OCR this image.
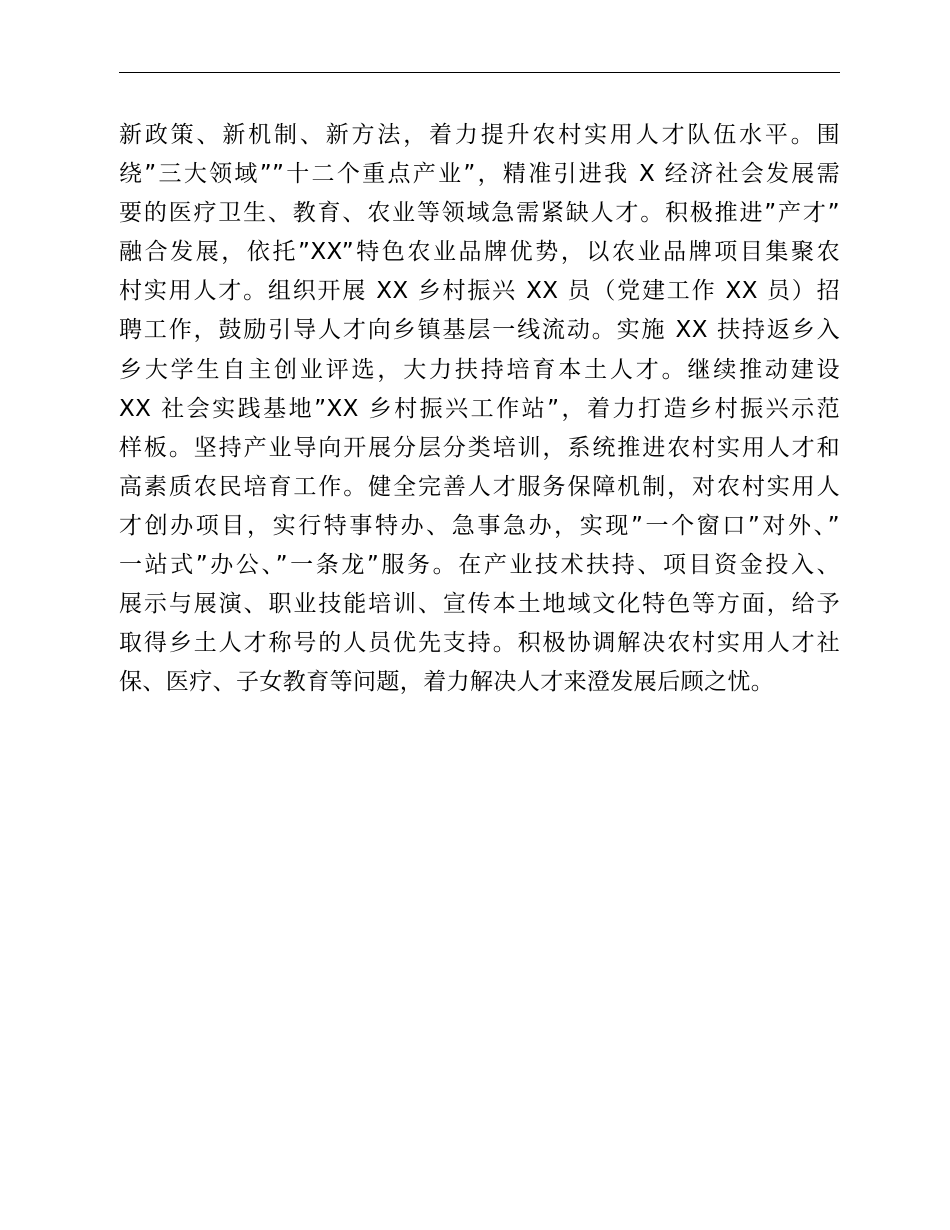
新政策、新机制、新方法，着力提升农村实用人才队伍水平。围
绕”三大领域””十二个重点产业”，精准引进我 X 经济社会发展需
要的医疗卫生、教育、农业等领域急需紧缺人才。积极推进”产才”
融合发展，依托”XX”特色农业品牌优势，以农业品牌项目集聚农
村实用人才。组织开展 XX 乡村振兴 XX 员（党建工作 XX 员）招
聘工作，鼓励引导人才向乡镇基层一线流动。实施 XX 扶持返乡入
乡大学生自主创业评选，大力扶持培育本土人才。继续推动建设
XX 社会实践基地”XX 乡村振兴工作站”，着力打造乡村振兴示范
样板。坚持产业导向开展分层分类培训，系统推进农村实用人才和
高素质农民培育工作。健全完善人才服务保障机制，对农村实用人
才创办项目，实行特事特办、急事急办，实现”一个窗口”对外、”
一站式”办公、”一条龙”服务。在产业技术扶持、项目资金投入、
展示与展演、职业技能培训、宣传本土地域文化特色等方面，给予
取得乡土人才称号的人员优先支持。积极协调解决农村实用人才社
保、医疗、子女教育等问题，着力解决人才来澄发展后顾之忧。
